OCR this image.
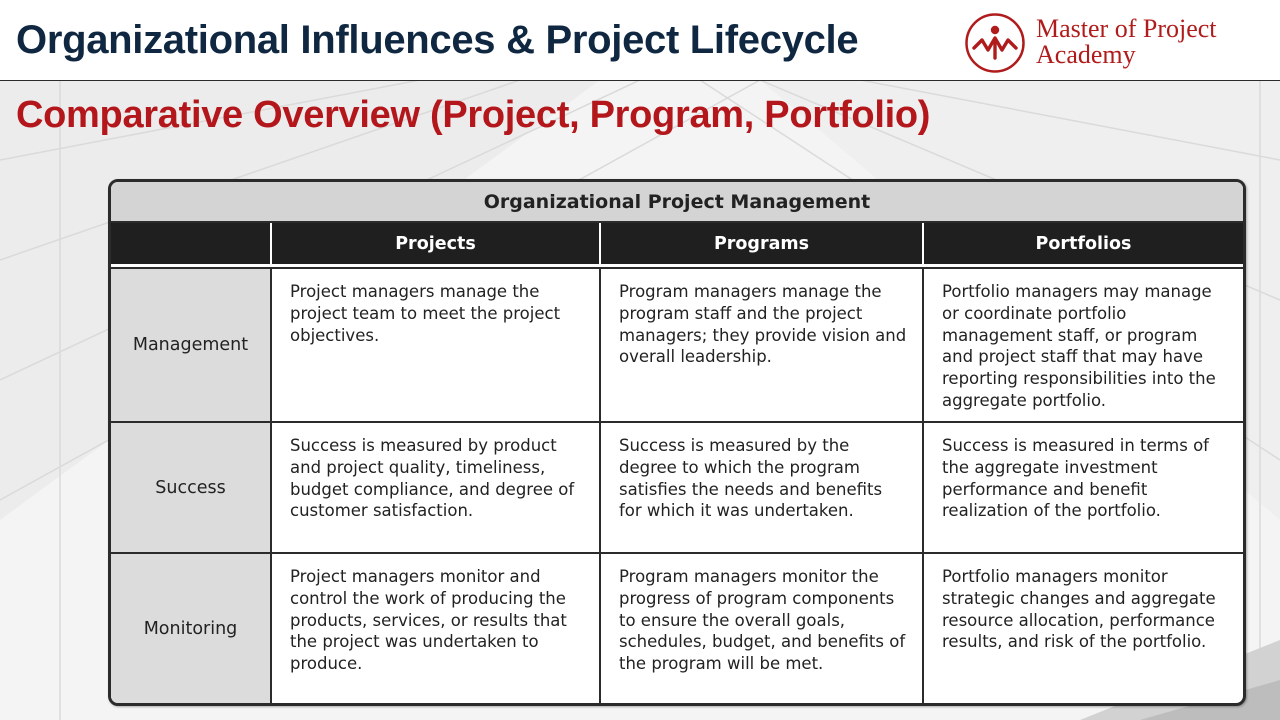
Organizational Influences & Project Lifecycle	Master of Project
Academy
Comparative Overview (Project, Program, Portfolio)
Organizational Project Management			
	Projects	Programs	Portfolios

Management	Project managers manage the project team to meet the project objectives.	Program managers manage the program staff and the project managers; they provide vision and overall leadership.	Portfolio managers may manage or coordinate portfolio management staff, or program and project staff that may have reporting responsibilities into the aggregate portfolio.
Success	Success is measured by product and project quality, timeliness, budget compliance, and degree of customer satisfaction.	Success is measured by the degree to which the program satisfies the needs and benefits for which it was undertaken.	Success is measured in terms of the aggregate investment performance and benefit realization of the portfolio.
Monitoring	Project managers monitor and control the work of producing the products, services, or results that the project was undertaken to produce.	Program managers monitor the progress of program components to ensure the overall goals, schedules, budget, and benefits of the program will be met.	Portfolio managers monitor strategic changes and aggregate resource allocation, performance results, and risk of the portfolio.
